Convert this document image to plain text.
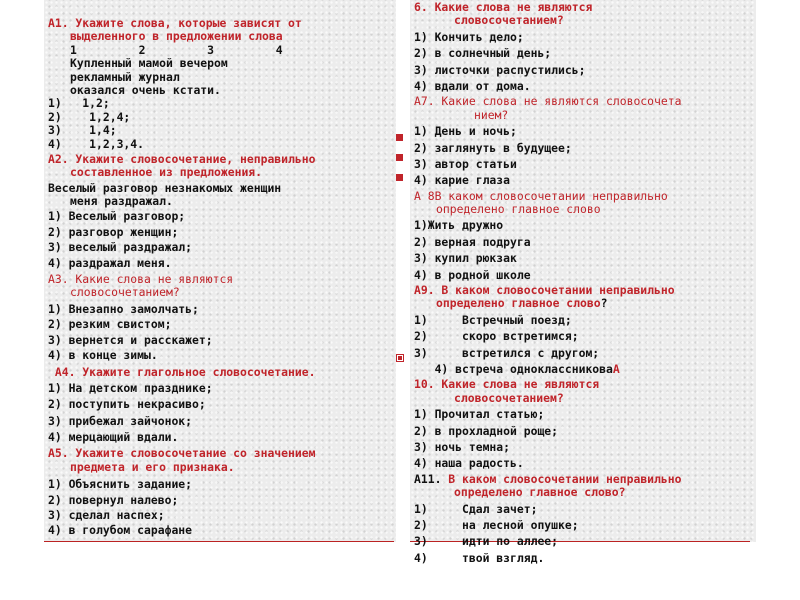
А1. Укажите слова, которые зависят от
выделенного в предложении слова
1         2         3         4
Купленный мамой вечером
рекламный журнал
оказался очень кстати.
1)   1,2;
2)    1,2,4;
3)    1,4;
4)    1,2,3,4.
А2. Укажите словосочетание, неправильно
составленное из предложения.
Веселый разговор незнакомых женщин
меня раздражал.
1) Веселый разговор;
2) разговор женщин;
3) веселый раздражал;
4) раздражал меня.
А3. Какие слова не являются
словосочетанием?
1) Внезапно замолчать;
2) резким свистом;
3) вернется и расскажет;
4) в конце зимы.
А4. Укажите глагольное словосочетание.
1) На детском празднике;
2) поступить некрасиво;
3) прибежал зайчонок;
4) мерцающий вдали.
А5. Укажите словосочетание со значением
предмета и его признака.
1) Объяснить задание;
2) повернул налево;
3) сделал наспех;
4) в голубом сарафане
6. Какие слова не являются
словосочетанием?
1) Кончить дело;
2) в солнечный день;
3) листочки распустились;
4) вдали от дома.
А7. Какие слова не являются словосочета
нием?
1) День и ночь;
2) заглянуть в будущее;
3) автор статьи
4) карие глаза
А 8В каком словосочетании неправильно
определено главное слово
1)Жить дружно
2) верная подруга
3) купил рюкзак
4) в родной школе
А9. В каком словосочетании неправильно
определено главное слово?
1)     Встречный поезд;
2)     скоро встретимся;
3)     встретился с другом;
4) встреча одноклассниковаА
10. Какие слова не являются
словосочетанием?
1) Прочитал статью;
2) в прохладной роще;
3) ночь темна;
4) наша радость.
А11. В каком словосочетании неправильно
определено главное слово?
1)     Сдал зачет;
2)     на лесной опушке;
3)     идти по аллее;
4)     твой взгляд.
